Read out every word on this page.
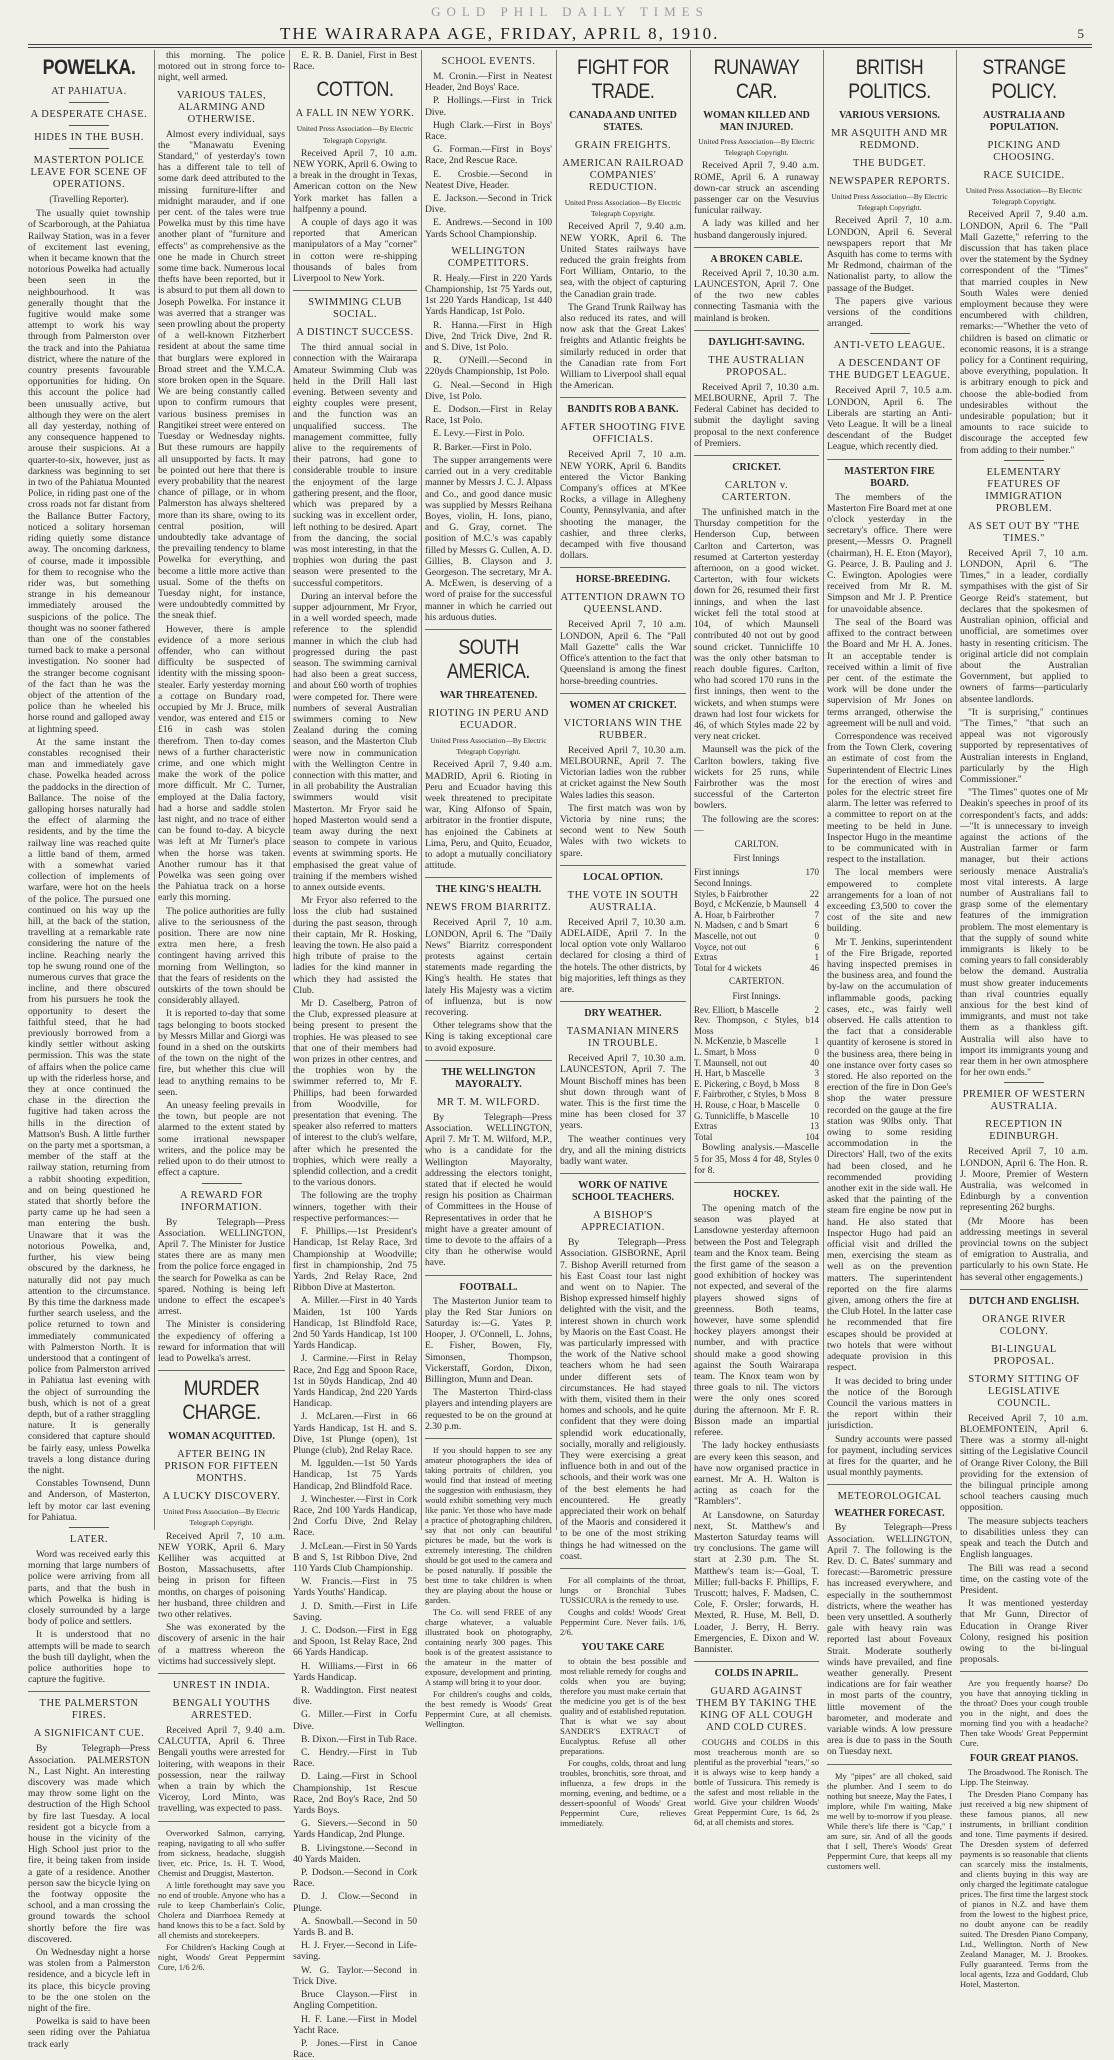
GOLD PHIL DAILY TIMES
THE WAIRARAPA AGE, FRIDAY, APRIL 8, 1910.	5
POWELKA.
AT PAHIATUA.
A DESPERATE CHASE.
HIDES IN THE BUSH.
MASTERTON POLICE LEAVE FOR SCENE OF OPERATIONS.
(Travelling Reporter).

The usually quiet township of Scarborough, at the Pahiatua Railway Station, was in a fever of excitement last evening, when it became known that the notorious Powelka had actually been seen in the neighbourhood. It was generally thought that the fugitive would make some attempt to work his way through from Palmerston over the track and into the Pahiatua district, where the nature of the country presents favourable opportunities for hiding. On this account the police had been unusually active, but although they were on the alert all day yesterday, nothing of any consequence happened to arouse their suspicions. At a quarter-to-six, however, just as darkness was beginning to set in two of the Pahiatua Mounted Police, in riding past one of the cross roads not far distant from the Ballance Butter Factory, noticed a solitary horseman riding quietly some distance away. The oncoming darkness, of course, made it impossible for them to recognise who the rider was, but something strange in his demeanour immediately aroused the suspicions of the police. The thought was no sooner fathered than one of the constables turned back to make a personal investigation. No sooner had the stranger become cognisant of the fact than he was the object of the attention of the police than he wheeled his horse round and galloped away at lightning speed.

At the same instant the constables recognised their man and immediately gave chase. Powelka headed across the paddocks in the direction of Ballance. The noise of the galloping horses naturally had the effect of alarming the residents, and by the time the railway line was reached quite a little band of them, armed with a somewhat varied collection of implements of warfare, were hot on the heels of the police. The pursued one continued on his way up the hill, at the back of the station, travelling at a remarkable rate considering the nature of the incline. Reaching nearly the top he swung round one of the numerous curves that grace the incline, and there obscured from his pursuers he took the opportunity to desert the faithful steed, that he had previously borrowed from a kindly settler without asking permission. This was the state of affairs when the police came up with the riderless horse, and they at once continued the chase in the direction the fugitive had taken across the hills in the direction of Mattson's Bush. A little further on the party met a sportsman, a member of the staff at the railway station, returning from a rabbit shooting expedition, and on being questioned he stated that shortly before the party came up he had seen a man entering the bush. Unaware that it was the notorious Powelka, and, further, his view being obscured by the darkness, he naturally did not pay much attention to the circumstance. By this time the darkness made further search useless, and the police returned to town and immediately communicated with Palmerston North. It is understood that a contingent of police from Palmerston arrived in Pahiatua last evening with the object of surrounding the bush, which is not of a great depth, but of a rather straggling nature. It is generally considered that capture should be fairly easy, unless Powelka travels a long distance during the night.

Constables Townsend, Dunn and Anderson, of Masterton, left by motor car last evening for Pahiatua.

LATER.

Word was received early this morning that large numbers of police were arriving from all parts, and that the bush in which Powelka is hiding is closely surrounded by a large body of police and settlers.

It is understood that no attempts will be made to search the bush till daylight, when the police authorities hope to capture the fugitive.

THE PALMERSTON FIRES.
A SIGNIFICANT CUE.

By Telegraph—Press Association. PALMERSTON N., Last Night. An interesting discovery was made which may throw some light on the destruction of the High School by fire last Tuesday. A local resident got a bicycle from a house in the vicinity of the High School just prior to the fire, it being taken from inside a gate of a residence. Another person saw the bicycle lying on the footway opposite the school, and a man crossing the ground towards the school shortly before the fire was discovered.

On Wednesday night a horse was stolen from a Palmerston residence, and a bicycle left in its place, this bicycle proving to be the one stolen on the night of the fire.

Powelka is said to have been seen riding over the Pahiatua track early

this morning. The police motored out in strong force to-night, well armed.

VARIOUS TALES, ALARMING AND OTHERWISE.

Almost every individual, says the "Manawatu Evening Standard," of yesterday's town has a different tale to tell of some dark deed attributed to the missing furniture-lifter and midnight marauder, and if one per cent. of the tales were true Powelka must by this time have another plant of "furniture and effects" as comprehensive as the one he made in Church street some time back. Numerous local thefts have been reported, but it is absurd to put them all down to Joseph Powelka. For instance it was averred that a stranger was seen prowling about the property of a well-known Fitzherbert resident at about the same time that burglars were explored in Broad street and the Y.M.C.A. store broken open in the Square. We are being constantly called upon to confirm rumours that various business premises in Rangitikei street were entered on Tuesday or Wednesday nights. But these rumours are happily all unsupported by facts. It may be pointed out here that there is every probability that the nearest chance of pillage, or in whom Palmerston has always sheltered more than its share, owing to its central position, will undoubtedly take advantage of the prevailing tendency to blame Powelka for everything, and become a little more active than usual. Some of the thefts on Tuesday night, for instance, were undoubtedly committed by the sneak thief.

However, there is ample evidence of a more serious offender, who can without difficulty be suspected of identity with the missing spoon-stealer. Early yesterday morning a cottage on Bundary road, occupied by Mr J. Bruce, milk vendor, was entered and £15 or £16 in cash was stolen therefrom. Then to-day comes news of a further characteristic crime, and one which might make the work of the police more difficult. Mr C. Turner, employed at the Dalia factory, had a horse and saddle stolen last night, and no trace of either can be found to-day. A bicycle was left at Mr Turner's place when the horse was taken. Another rumour has it that Powelka was seen going over the Pahiatua track on a horse early this morning.

The police authorities are fully alive to the seriousness of the position. There are now nine extra men here, a fresh contingent having arrived this morning from Wellington, so that the fears of residents on the outskirts of the town should be considerably allayed.

It is reported to-day that some tags belonging to boots stocked by Messrs Millar and Giorgi was found in a shed on the outskirts of the town on the night of the fire, but whether this clue will lead to anything remains to be seen.

An uneasy feeling prevails in the town, but people are not alarmed to the extent stated by some irrational newspaper writers, and the police may be relied upon to do their utmost to effect a capture.

A REWARD FOR INFORMATION.

By Telegraph—Press Association. WELLINGTON, April 7. The Minister for Justice states there are as many men from the police force engaged in the search for Powelka as can be spared. Nothing is being left undone to effect the escapee's arrest.

The Minister is considering the expediency of offering a reward for information that will lead to Powelka's arrest.

MURDER CHARGE.
WOMAN ACQUITTED.
AFTER BEING IN PRISON FOR FIFTEEN MONTHS.
A LUCKY DISCOVERY.
United Press Association—By Electric Telegraph Copyright.

Received April 7, 10 a.m. NEW YORK, April 6. Mary Kelliher was acquitted at Boston, Massachusetts, after being in prison for fifteen months, on charges of poisoning her husband, three children and two other relatives.

She was exonerated by the discovery of arsenic in the hair of a mattress whereon the victims had successively slept.

UNREST IN INDIA.
BENGALI YOUTHS ARRESTED.

Received April 7, 9.40 a.m. CALCUTTA, April 6. Three Bengali youths were arrested for loitering, with weapons in their possession, near the railway when a train by which the Viceroy, Lord Minto, was travelling, was expected to pass.

Overworked Salmon, carrying, reaping, navigating to all who suffer from sickness, headache, sluggish liver, etc. Price, 1s. H. T. Wood, Chemist and Druggist, Masterton.

A little forethought may save you no end of trouble. Anyone who has a rule to keep Chamberlain's Colic, Cholera and Diarrhoea Remedy at hand knows this to be a fact. Sold by all chemists and storekeepers.

For Children's Hacking Cough at night, Woods' Great Peppermint Cure, 1/6 2/6.

E. R. B. Daniel, First in Best Race.

COTTON.
A FALL IN NEW YORK.
United Press Association—By Electric Telegraph Copyright.

Received April 7, 10 a.m. NEW YORK, April 6. Owing to a break in the drought in Texas, American cotton on the New York market has fallen a halfpenny a pound.

A couple of days ago it was reported that American manipulators of a May "corner" in cotton were re-shipping thousands of bales from Liverpool to New York.

SWIMMING CLUB SOCIAL.
A DISTINCT SUCCESS.

The third annual social in connection with the Wairarapa Amateur Swimming Club was held in the Drill Hall last evening. Between seventy and eighty couples were present, and the function was an unqualified success. The management committee, fully alive to the requirements of their patrons, had gone to considerable trouble to insure the enjoyment of the large gathering present, and the floor, which was prepared by a sucking was in excellent order, left nothing to be desired. Apart from the dancing, the social was most interesting, in that the trophies won during the past season were presented to the successful competitors.

During an interval before the supper adjournment, Mr Fryor, in a well worded speech, made reference to the splendid manner in which the club had progressed during the past season. The swimming carnival had also been a great success, and about £60 worth of trophies were competed for. There were numbers of several Australian swimmers coming to New Zealand during the coming season, and the Masterton Club were now in communication with the Wellington Centre in connection with this matter, and in all probability the Australian swimmers would visit Masterton. Mr Fryor said he hoped Masterton would send a team away during the next season to compete in various events at swimming sports. He emphasised the great value of training if the members wished to annex outside events.

Mr Fryor also referred to the loss the club had sustained during the past season, through their captain, Mr R. Hosking, leaving the town. He also paid a high tribute of praise to the ladies for the kind manner in which they had assisted the Club.

Mr D. Caselberg, Patron of the Club, expressed pleasure at being present to present the trophies. He was pleased to see that one of their members had won prizes in other centres, and the trophies won by the swimmer referred to, Mr F. Phillips, had been forwarded from Woodville, for presentation that evening. The speaker also referred to matters of interest to the club's welfare, after which he presented the trophies, which were really a splendid collection, and a credit to the various donors.

The following are the trophy winners, together with their respective performances:—

F. Phillips.—1st President's Handicap, 1st Relay Race, 3rd Championship at Woodville; first in championship, 2nd 75 Yards, 2nd Relay Race, 2nd Ribbon Dive at Masterton.

A. Miller.—First in 40 Yards Maiden, 1st 100 Yards Handicap, 1st Blindfold Race, 2nd 50 Yards Handicap, 1st 100 Yards Handicap.

J. Carmine.—First in Relay Race, 2nd Egg and Spoon Race, 1st in 50yds Handicap, 2nd 40 Yards Handicap, 2nd 220 Yards Handicap.

J. McLaren.—First in 66 Yards Handicap, 1st H. and S. Dive, 1st Plunge (open), 1st Plunge (club), 2nd Relay Race.

M. Iggulden.—1st 50 Yards Handicap, 1st 75 Yards Handicap, 2nd Blindfold Race.

J. Winchester.—First in Cork Race, 2nd 100 Yards Handicap, 2nd Corfu Dive, 2nd Relay Race.

J. McLean.—First in 50 Yards B and S, 1st Ribbon Dive, 2nd 110 Yards Club Championship.

W. Francis.—First in 75 Yards Youths' Handicap.

J. D. Smith.—First in Life Saving.

J. C. Dodson.—First in Egg and Spoon, 1st Relay Race, 2nd 66 Yards Handicap.

H. Williams.—First in 66 Yards Handicap.

R. Waddington. First neatest dive.

G. Miller.—First in Corfu Dive.

B. Dixon.—First in Tub Race.

C. Hendry.—First in Tub Race.

D. Laing.—First in School Championship, 1st Rescue Race, 2nd Boy's Race, 2nd 50 Yards Boys.

G. Sievers.—Second in 50 Yards Handicap, 2nd Plunge.

B. Livingstone.—Second in 40 Yards Maiden.

P. Dodson.—Second in Cork Race.

D. J. Clow.—Second in Plunge.

A. Snowball.—Second in 50 Yards B. and B.

H. J. Fryer.—Second in Life-saving.

W. G. Taylor.—Second in Trick Dive.

Bruce Clayson.—First in Angling Competition.

H. F. Lane.—First in Model Yacht Race.

P. Jones.—First in Canoe Race.

SCHOOL EVENTS.

M. Cronin.—First in Neatest Header, 2nd Boys' Race.

P. Hollings.—First in Trick Dive.

Hugh Clark.—First in Boys' Race.

G. Forman.—First in Boys' Race, 2nd Rescue Race.

E. Crosbie.—Second in Neatest Dive, Header.

E. Jackson.—Second in Trick Dive.

E. Andrews.—Second in 100 Yards School Championship.

WELLINGTON COMPETITORS.

R. Healy.—First in 220 Yards Championship, 1st 75 Yards out, 1st 220 Yards Handicap, 1st 440 Yards Handicap, 1st Polo.

R. Hanna.—First in High Dive, 2nd Trick Dive, 2nd R. and S. Dive, 1st Polo.

R. O'Neill.—Second in 220yds Championship, 1st Polo.

G. Neal.—Second in High Dive, 1st Polo.

E. Dodson.—First in Relay Race, 1st Polo.

E. Levy.—First in Polo.

R. Barker.—First in Polo.

The supper arrangements were carried out in a very creditable manner by Messrs J. C. J. Alpass and Co., and good dance music was supplied by Messrs Reihana Boyes, violin, H. Ions, piano, and G. Gray, cornet. The position of M.C.'s was capably filled by Messrs G. Cullen, A. D. Gillies, B. Clayson and J. Georgeson. The secretary, Mr A. A. McEwen, is deserving of a word of praise for the successful manner in which he carried out his arduous duties.

SOUTH AMERICA.
WAR THREATENED.
RIOTING IN PERU AND ECUADOR.
United Press Association—By Electric Telegraph Copyright.

Received April 7, 9.40 a.m. MADRID, April 6. Rioting in Peru and Ecuador having this week threatened to precipitate war, King Alfonso of Spain, arbitrator in the frontier dispute, has enjoined the Cabinets at Lima, Peru, and Quito, Ecuador, to adopt a mutually conciliatory attitude.

THE KING'S HEALTH.
NEWS FROM BIARRITZ.

Received April 7, 10 a.m. LONDON, April 6. The "Daily News" Biarritz correspondent protests against certain statements made regarding the King's health. He states that lately His Majesty was a victim of influenza, but is now recovering.

Other telegrams show that the King is taking exceptional care to avoid exposure.

THE WELLINGTON MAYORALTY.
MR T. M. WILFORD.

By Telegraph—Press Association. WELLINGTON, April 7. Mr T. M. Wilford, M.P., who is a candidate for the Wellington Mayoralty, addressing the electors tonight, stated that if elected he would resign his position as Chairman of Committees in the House of Representatives in order that he might have a greater amount of time to devote to the affairs of a city than he otherwise would have.

FOOTBALL.

The Masterton Junior team to play the Red Star Juniors on Saturday is:—G. Yates P. Hooper, J. O'Connell, L. Johns, E. Fisher, Bowen, Fly, Simonsen, Thompson, Vickerstaff, Gordon, Dixon, Billington, Munn and Dean.

The Masterton Third-class players and intending players are requested to be on the ground at 2.30 p.m.

If you should happen to see any amateur photographers the idea of taking portraits of children, you would find that instead of meeting the suggestion with enthusiasm, they would exhibit something very much like panic. Yet those who have made a practice of photographing children, say that not only can beautiful pictures be made, but the work is extremely interesting. The children should be got used to the camera and be posed naturally. If possible the best time to take children is when they are playing about the house or garden.

The Co. will send FREE of any charge whatever, a valuable illustrated book on photography, containing nearly 300 pages. This book is of the greatest assistance to the amateur in the matter of exposure, development and printing. A stamp will bring it to your door.

For children's coughs and colds, the best remedy is Woods' Great Peppermint Cure, at all chemists. Wellington.

FIGHT FOR TRADE.
CANADA AND UNITED STATES.
GRAIN FREIGHTS.
AMERICAN RAILROAD COMPANIES' REDUCTION.
United Press Association—By Electric Telegraph Copyright.

Received April 7, 9.40 a.m. NEW YORK, April 6. The United States railways have reduced the grain freights from Fort William, Ontario, to the sea, with the object of capturing the Canadian grain trade.

The Grand Trunk Railway has also reduced its rates, and will now ask that the Great Lakes' freights and Atlantic freights be similarly reduced in order that the Canadian rate from Fort William to Liverpool shall equal the American.

BANDITS ROB A BANK.
AFTER SHOOTING FIVE OFFICIALS.

Received April 7, 10 a.m. NEW YORK, April 6. Bandits entered the Victor Banking Company's offices at M'Kee Rocks, a village in Allegheny County, Pennsylvania, and after shooting the manager, the cashier, and three clerks, decamped with five thousand dollars.

HORSE-BREEDING.
ATTENTION DRAWN TO QUEENSLAND.

Received April 7, 10 a.m. LONDON, April 6. The "Pall Mall Gazette" calls the War Office's attention to the fact that Queensland is among the finest horse-breeding countries.

WOMEN AT CRICKET.
VICTORIANS WIN THE RUBBER.

Received April 7, 10.30 a.m. MELBOURNE, April 7. The Victorian ladies won the rubber at cricket against the New South Wales ladies this season.

The first match was won by Victoria by nine runs; the second went to New South Wales with two wickets to spare.

LOCAL OPTION.
THE VOTE IN SOUTH AUSTRALIA.

Received April 7, 10.30 a.m. ADELAIDE, April 7. In the local option vote only Wallaroo declared for closing a third of the hotels. The other districts, by big majorities, left things as they are.

DRY WEATHER.
TASMANIAN MINERS IN TROUBLE.

Received April 7, 10.30 a.m. LAUNCESTON, April 7. The Mount Bischoff mines has been shut down through want of water. This is the first time the mine has been closed for 37 years.

The weather continues very dry, and all the mining districts badly want water.

WORK OF NATIVE SCHOOL TEACHERS.
A BISHOP'S APPRECIATION.

By Telegraph—Press Association. GISBORNE, April 7. Bishop Averill returned from his East Coast tour last night and went on to Napier. The Bishop expressed himself highly delighted with the visit, and the interest shown in church work by Maoris on the East Coast. He was particularly impressed with the work of the Native school teachers whom he had seen under different sets of circumstances. He had stayed with them, visited them in their homes and schools, and he quite confident that they were doing splendid work educationally, socially, morally and religiously. They were exercising a great influence both in and out of the schools, and their work was one of the best elements he had encountered. He greatly appreciated their work on behalf of the Maoris and considered it to be one of the most striking things he had witnessed on the coast.

For all complaints of the throat, lungs or Bronchial Tubes TUSSICURA is the remedy to use.

Coughs and colds! Woods' Great Peppermint Cure. Never fails. 1/6, 2/6.

YOU TAKE CARE

to obtain the best possible and most reliable remedy for coughs and colds when you are buying; therefore you must make certain that the medicine you get is of the best quality and of established reputation. That is what we say about SANDER'S EXTRACT of Eucalyptus. Refuse all other preparations.

For coughs, colds, throat and lung troubles, bronchitis, sore throat, and influenza, a few drops in the morning, evening, and bedtime, or a dessert-spoonful of Woods' Great Peppermint Cure, relieves immediately.

RUNAWAY CAR.
WOMAN KILLED AND MAN INJURED.
United Press Association—By Electric Telegraph Copyright.

Received April 7, 9.40 a.m. ROME, April 6. A runaway down-car struck an ascending passenger car on the Vesuvius funicular railway.

A lady was killed and her husband dangerously injured.

A BROKEN CABLE.

Received April 7, 10.30 a.m. LAUNCESTON, April 7. One of the two new cables connecting Tasmania with the mainland is broken.

DAYLIGHT-SAVING.
THE AUSTRALIAN PROPOSAL.

Received April 7, 10.30 a.m. MELBOURNE, April 7. The Federal Cabinet has decided to submit the daylight saving proposal to the next conference of Premiers.

CRICKET.
CARLTON v. CARTERTON.

The unfinished match in the Thursday competition for the Henderson Cup, between Carlton and Carterton, was resumed at Carterton yesterday afternoon, on a good wicket. Carterton, with four wickets down for 26, resumed their first innings, and when the last wicket fell the total stood at 104, of which Maunsell contributed 40 not out by good sound cricket. Tunnicliffe 10 was the only other batsman to reach double figures. Carlton, who had scored 170 runs in the first innings, then went to the wickets, and when stumps were drawn had lost four wickets for 46, of which Styles made 22 by very neat cricket.

Maunsell was the pick of the Carlton bowlers, taking five wickets for 25 runs, while Fairbrother was the most successful of the Carterton bowlers.

The following are the scores:—

CARLTON.
First Innings
First innings	170
Second Innings.
Styles, b Fairbrother	22
Boyd, c McKenzie, b Maunsell 4
A. Hoar, b Fairbrother	7
N. Madsen, c and b Smart	6
Mascelle, not out	0
Voyce, not out	6
Extras	1
Total for 4 wickets	46
CARTERTON.
First Innings.
Rev. Elliott, b Mascelle	2
Rev. Thompson, c Styles, b Moss
14
N. McKenzie, b Mascelle	1
L. Smart, b Moss	0
T. Maunsell, not out	40
H. Hart, b Mascelle	3
E. Pickering, c Boyd, b Moss 8
F. Fairbrother, c Styles, b Moss 8
H. Rouse, c Hoar, b Mascelle 0
G. Tunnicliffe, b Mascelle 10
Extras	13
Total	104

Bowling analysis.—Mascelle 5 for 35, Moss 4 for 48, Styles 0 for 8.

HOCKEY.

The opening match of the season was played at Lansdowne yesterday afternoon between the Post and Telegraph team and the Knox team. Being the first game of the season a good exhibition of hockey was not expected, and several of the players showed signs of greenness. Both teams, however, have some splendid hockey players amongst their number, and with practice should make a good showing against the South Wairarapa team. The Knox team won by three goals to nil. The victors were the only ones scored during the afternoon. Mr F. R. Bisson made an impartial referee.

The lady hockey enthusiasts are every keen this season, and have now organised practice in earnest. Mr A. H. Walton is acting as coach for the "Ramblers".

At Lansdowne, on Saturday next, St. Matthew's and Masterton Saturday teams will try conclusions. The game will start at 2.30 p.m. The St. Matthew's team is:—Goal, T. Miller; full-backs F. Phillips, F. Truscott; halves, F. Madsen, C. Cole, F. Orsler; forwards, H. Mexted, R. Huse, M. Bell, D. Loader, J. Berry, H. Berry. Emergencies, E. Dixon and W. Bannister.

COLDS IN APRIL.
GUARD AGAINST THEM BY TAKING THE KING OF ALL COUGH AND COLD CURES.

COUGHS and COLDS in this most treacherous month are so plentiful as the proverbial "tears," so it is always wise to keep handy a bottle of Tussicura. This remedy is the safest and most reliable in the world. Give your children Woods' Great Peppermint Cure, 1s 6d, 2s 6d, at all chemists and stores.

BRITISH POLITICS.
VARIOUS VERSIONS.
MR ASQUITH AND MR REDMOND.
THE BUDGET.
NEWSPAPER REPORTS.
United Press Association—By Electric Telegraph Copyright.

Received April 7, 10 a.m. LONDON, April 6. Several newspapers report that Mr Asquith has come to terms with Mr Redmond, chairman of the Nationalist party, to allow the passage of the Budget.

The papers give various versions of the conditions arranged.

ANTI-VETO LEAGUE.
A DESCENDANT OF THE BUDGET LEAGUE.

Received April 7, 10.5 a.m. LONDON, April 6. The Liberals are starting an Anti-Veto League. It will be a lineal descendant of the Budget League, which recently died.

MASTERTON FIRE BOARD.

The members of the Masterton Fire Board met at one o'clock yesterday in the secretary's office. There were present,—Messrs O. Pragnell (chairman), H. E. Eton (Mayor), G. Pearce, J. B. Pauling and J. C. Ewington. Apologies were received from Mr R. M. Simpson and Mr J. P. Prentice for unavoidable absence.

The seal of the Board was affixed to the contract between the Board and Mr H. A. Jones. It an acceptable tender is received within a limit of five per cent. of the estimate the work will be done under the supervision of Mr Jones on terms arranged, otherwise the agreement will be null and void.

Correspondence was received from the Town Clerk, covering an estimate of cost from the Superintendent of Electric Lines for the erection of wires and poles for the electric street fire alarm. The letter was referred to a committee to report on at the meeting to be held in June. Inspector Hugo in the meantime to be communicated with in respect to the installation.

The local members were empowered to complete arrangements for a loan of not exceeding £3,500 to cover the cost of the site and new building.

Mr T. Jenkins, superintendent of the Fire Brigade, reported having inspected premises in the business area, and found the by-law on the accumulation of inflammable goods, packing cases, etc., was fairly well observed. He calls attention to the fact that a considerable quantity of kerosene is stored in the business area, there being in one instance over forty cases so stored. He also reported on the erection of the fire in Don Gee's shop the water pressure recorded on the gauge at the fire station was 90lbs only. That owing to some residing accommodation in the Directors' Hall, two of the exits had been closed, and he recommended providing another exit in the side wall. He asked that the painting of the steam fire engine be now put in hand. He also stated that Inspector Hugo had paid an official visit and drilled the men, exercising the steam as well as on the prevention matters. The superintendent reported on the fire alarms given, among others the fire at the Club Hotel. In the latter case he recommended that fire escapes should be provided at two hotels that were without adequate provision in this respect.

It was decided to bring under the notice of the Borough Council the various matters in the report within their jurisdiction.

Sundry accounts were passed for payment, including services at fires for the quarter, and he usual monthly payments.

METEOROLOGICAL
WEATHER FORECAST.

By Telegraph—Press Association. WELLINGTON, April 7. The following is the Rev. D. C. Bates' summary and forecast:—Barometric pressure has increased everywhere, and especially in the southernmost districts, where the weather has been very unsettled. A southerly gale with heavy rain was reported last about Foveaux Strait. Moderate southerly winds have prevailed, and fine weather generally. Present indications are for fair weather in most parts of the country, little movement of the barometer, and moderate and variable winds. A low pressure area is due to pass in the South on Tuesday next.

My "pipes" are all choked, said the plumber. And I seem to do nothing but sneeze, May the Fates, I implore, while I'm waiting, Make me well by to-morrow if you please. While there's life there is "Cap," I am sure, sir. And of all the goods that I sell, There's Woods' Great Peppermint Cure, that keeps all my customers well.

STRANGE POLICY.
AUSTRALIA AND POPULATION.
PICKING AND CHOOSING.
RACE SUICIDE.
United Press Association—By Electric Telegraph Copyright.

Received April 7, 9.40 a.m. LONDON, April 6. The "Pall Mall Gazette," referring to the discussion that has taken place over the statement by the Sydney correspondent of the "Times" that married couples in New South Wales were denied employment because they were encumbered with children, remarks:—"Whether the veto of children is based on climatic or economic reasons, it is a strange policy for a Continent requiring, above everything, population. It is arbitrary enough to pick and choose the able-bodied from undesirables without the undesirable population; but it amounts to race suicide to discourage the accepted few from adding to their number."

ELEMENTARY FEATURES OF IMMIGRATION PROBLEM.
AS SET OUT BY "THE TIMES."

Received April 7, 10 a.m. LONDON, April 6. "The Times," in a leader, cordially sympathises with the gist of Sir George Reid's statement, but declares that the spokesmen of Australian opinion, official and unofficial, are sometimes over hasty in resenting criticism. The original article did not complain about the Australian Government, but applied to owners of farms—particularly absentee landlords.

"It is surprising," continues "The Times," "that such an appeal was not vigorously supported by representatives of Australian interests in England, particularly by the High Commissioner."

"The Times" quotes one of Mr Deakin's speeches in proof of its correspondent's facts, and adds:—"It is unnecessary to inveigh against the actions of the Australian farmer or farm manager, but their actions seriously menace Australia's most vital interests. A large number of Australians fail to grasp some of the elementary features of the immigration problem. The most elementary is that the supply of sound white immigrants is likely to be coming years to fall considerably below the demand. Australia must show greater inducements than rival countries equally anxious for the best kind of immigrants, and must not take them as a thankless gift. Australia will also have to import its immigrants young and rear them in her own atmosphere for her own ends."

PREMIER OF WESTERN AUSTRALIA.
RECEPTION IN EDINBURGH.

Received April 7, 10 a.m. LONDON, April 6. The Hon. R. J. Moore, Premier of Western Australia, was welcomed in Edinburgh by a convention representing 262 burghs.

(Mr Moore has been addressing meetings in several provincial towns on the subject of emigration to Australia, and particularly to his own State. He has several other engagements.)

DUTCH AND ENGLISH.
ORANGE RIVER COLONY.
BI-LINGUAL PROPOSAL.
STORMY SITTING OF LEGISLATIVE COUNCIL.

Received April 7, 10 a.m. BLOEMFONTEIN, April 6. There was a stormy all-night sitting of the Legislative Council of Orange River Colony, the Bill providing for the extension of the bilingual principle among school teachers causing much opposition.

The measure subjects teachers to disabilities unless they can speak and teach the Dutch and English languages.

The Bill was read a second time, on the casting vote of the President.

It was mentioned yesterday that Mr Gunn, Director of Education in Orange River Colony, resigned his position owing to the bi-lingual proposals.

Are you frequently hoarse? Do you have that annoying tickling in the throat? Does your cough trouble you in the night, and does the morning find you with a headache? Then take Woods' Great Peppermint Cure.

FOUR GREAT PIANOS.

The Broadwood. The Ronisch. The Lipp. The Steinway.

The Dresden Piano Company has just received a big new shipment of these famous pianos, all new instruments, in brilliant condition and tone. Time payments if desired. The Dresden system of deferred payments is so reasonable that clients can scarcely miss the instalments, and clients buying in this way are only charged the legitimate catalogue prices. The first time the largest stock of pianos in N.Z. and have them from the lowest to the highest price, no doubt anyone can be readily suited. The Dresden Piano Company, Ltd., Wellington. North of New Zealand Manager, M. J. Brookes. Fully guaranteed. Terms from the local agents, Izza and Goddard, Club Hotel, Masterton.
